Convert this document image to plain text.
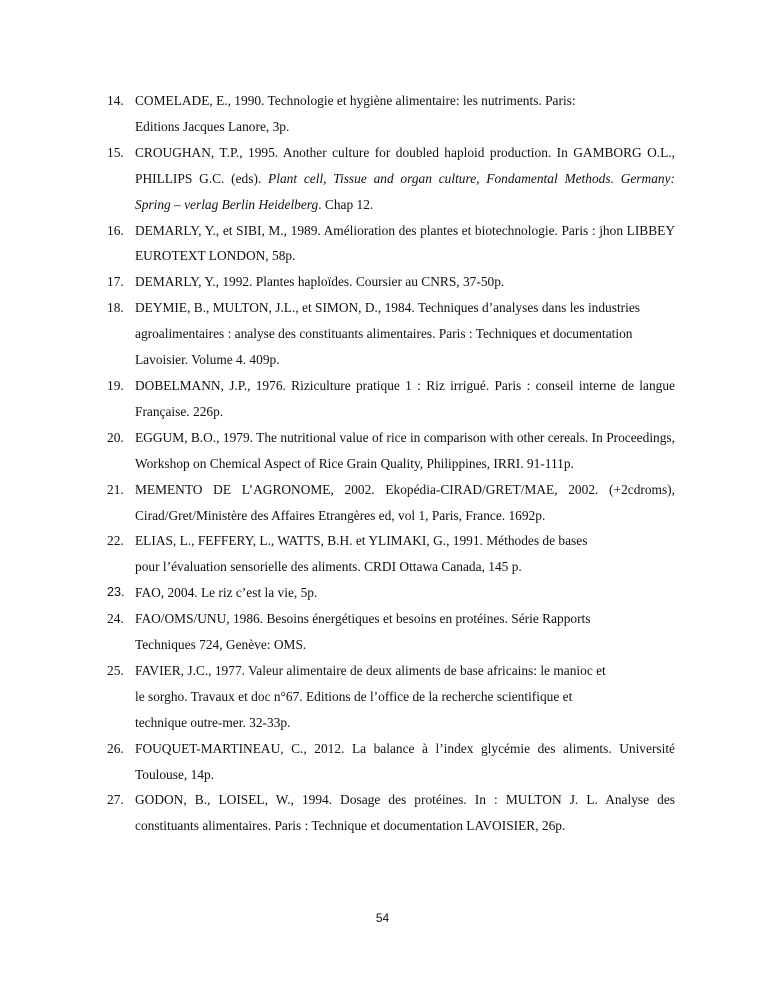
14. COMELADE, E., 1990. Technologie et hygiène alimentaire: les nutriments. Paris:
Editions Jacques Lanore, 3p.
15. CROUGHAN, T.P., 1995. Another culture for doubled haploid production. In GAMBORG O.L., PHILLIPS G.C. (eds). Plant cell, Tissue and organ culture, Fondamental Methods. Germany: Spring – verlag Berlin Heidelberg. Chap 12.
16. DEMARLY, Y., et SIBI, M., 1989. Amélioration des plantes et biotechnologie. Paris : jhon LIBBEY EUROTEXT LONDON, 58p.
17. DEMARLY, Y., 1992. Plantes haploïdes. Coursier au CNRS, 37-50p.
18. DEYMIE, B., MULTON, J.L., et SIMON, D., 1984. Techniques d’analyses dans les industries agroalimentaires : analyse des constituants alimentaires. Paris : Techniques et documentation Lavoisier. Volume 4. 409p.
19. DOBELMANN, J.P., 1976. Riziculture pratique 1 : Riz irrigué. Paris : conseil interne de langue Française. 226p.
20. EGGUM, B.O., 1979. The nutritional value of rice in comparison with other cereals. In Proceedings, Workshop on Chemical Aspect of Rice Grain Quality, Philippines, IRRI. 91-111p.
21. MEMENTO DE L’AGRONOME, 2002. Ekopédia-CIRAD/GRET/MAE, 2002. (+2cdroms), Cirad/Gret/Ministère des Affaires Etrangères ed, vol 1, Paris, France. 1692p.
22. ELIAS, L., FEFFERY, L., WATTS, B.H. et YLIMAKI, G., 1991. Méthodes de bases
pour l’évaluation sensorielle des aliments. CRDI Ottawa Canada, 145 p.
23. FAO, 2004. Le riz c’est la vie, 5p.
24. FAO/OMS/UNU, 1986. Besoins énergétiques et besoins en protéines. Série Rapports
Techniques 724, Genève: OMS.
25. FAVIER, J.C., 1977. Valeur alimentaire de deux aliments de base africains: le manioc et
le sorgho. Travaux et doc n°67. Editions de l’office de la recherche scientifique et
technique outre-mer. 32-33p.
26. FOUQUET-MARTINEAU, C., 2012. La balance à l’index glycémie des aliments. Université Toulouse, 14p.
27. GODON, B., LOISEL, W., 1994. Dosage des protéines. In : MULTON J. L. Analyse des constituants alimentaires. Paris : Technique et documentation LAVOISIER, 26p.
54
